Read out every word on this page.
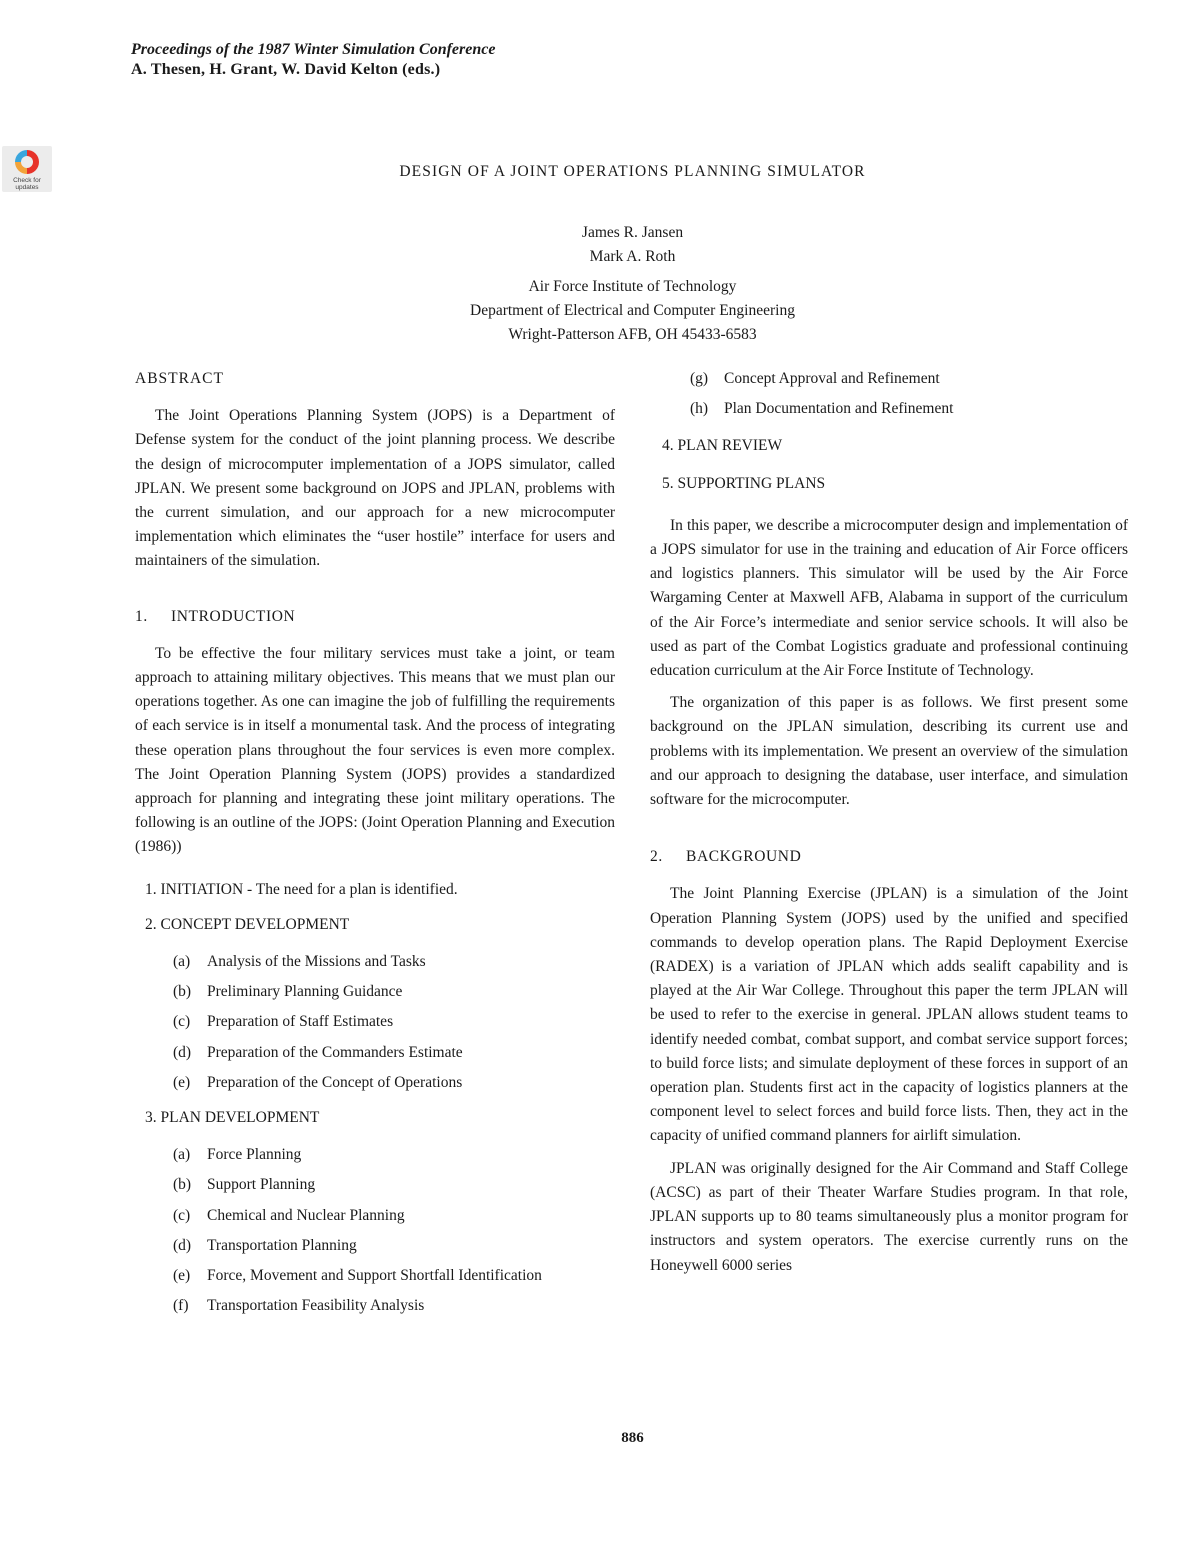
Proceedings of the 1987 Winter Simulation Conference
A. Thesen, H. Grant, W. David Kelton (eds.)
Check for updates
DESIGN OF A JOINT OPERATIONS PLANNING SIMULATOR
James R. Jansen
Mark A. Roth
Air Force Institute of Technology
Department of Electrical and Computer Engineering
Wright-Patterson AFB, OH 45433-6583
ABSTRACT

The Joint Operations Planning System (JOPS) is a Department of Defense system for the conduct of the joint planning process. We describe the design of microcomputer implementation of a JOPS simulator, called JPLAN. We present some background on JOPS and JPLAN, problems with the current simulation, and our approach for a new microcomputer implementation which eliminates the “user hostile” interface for users and maintainers of the simulation.

1. INTRODUCTION

To be effective the four military services must take a joint, or team approach to attaining military objectives. This means that we must plan our operations together. As one can imagine the job of fulfilling the requirements of each service is in itself a monumental task. And the process of integrating these operation plans throughout the four services is even more complex. The Joint Operation Planning System (JOPS) provides a standardized approach for planning and integrating these joint military operations. The following is an outline of the JOPS: (Joint Operation Planning and Execution (1986))

1. INITIATION - The need for a plan is identified.
2. CONCEPT DEVELOPMENT
(a) Analysis of the Missions and Tasks
(b) Preliminary Planning Guidance
(c) Preparation of Staff Estimates
(d) Preparation of the Commanders Estimate
(e) Preparation of the Concept of Operations
3. PLAN DEVELOPMENT
(a) Force Planning
(b) Support Planning
(c) Chemical and Nuclear Planning
(d) Transportation Planning
(e) Force, Movement and Support Shortfall Identification
(f) Transportation Feasibility Analysis
(g) Concept Approval and Refinement
(h) Plan Documentation and Refinement
4. PLAN REVIEW
5. SUPPORTING PLANS

In this paper, we describe a microcomputer design and implementation of a JOPS simulator for use in the training and education of Air Force officers and logistics planners. This simulator will be used by the Air Force Wargaming Center at Maxwell AFB, Alabama in support of the curriculum of the Air Force’s intermediate and senior service schools. It will also be used as part of the Combat Logistics graduate and professional continuing education curriculum at the Air Force Institute of Technology.

The organization of this paper is as follows. We first present some background on the JPLAN simulation, describing its current use and problems with its implementation. We present an overview of the simulation and our approach to designing the database, user interface, and simulation software for the microcomputer.

2. BACKGROUND

The Joint Planning Exercise (JPLAN) is a simulation of the Joint Operation Planning System (JOPS) used by the unified and specified commands to develop operation plans. The Rapid Deployment Exercise (RADEX) is a variation of JPLAN which adds sealift capability and is played at the Air War College. Throughout this paper the term JPLAN will be used to refer to the exercise in general. JPLAN allows student teams to identify needed combat, combat support, and combat service support forces; to build force lists; and simulate deployment of these forces in support of an operation plan. Students first act in the capacity of logistics planners at the component level to select forces and build force lists. Then, they act in the capacity of unified command planners for airlift simulation.

JPLAN was originally designed for the Air Command and Staff College (ACSC) as part of their Theater Warfare Studies program. In that role, JPLAN supports up to 80 teams simultaneously plus a monitor program for instructors and system operators. The exercise currently runs on the Honeywell 6000 series

886
